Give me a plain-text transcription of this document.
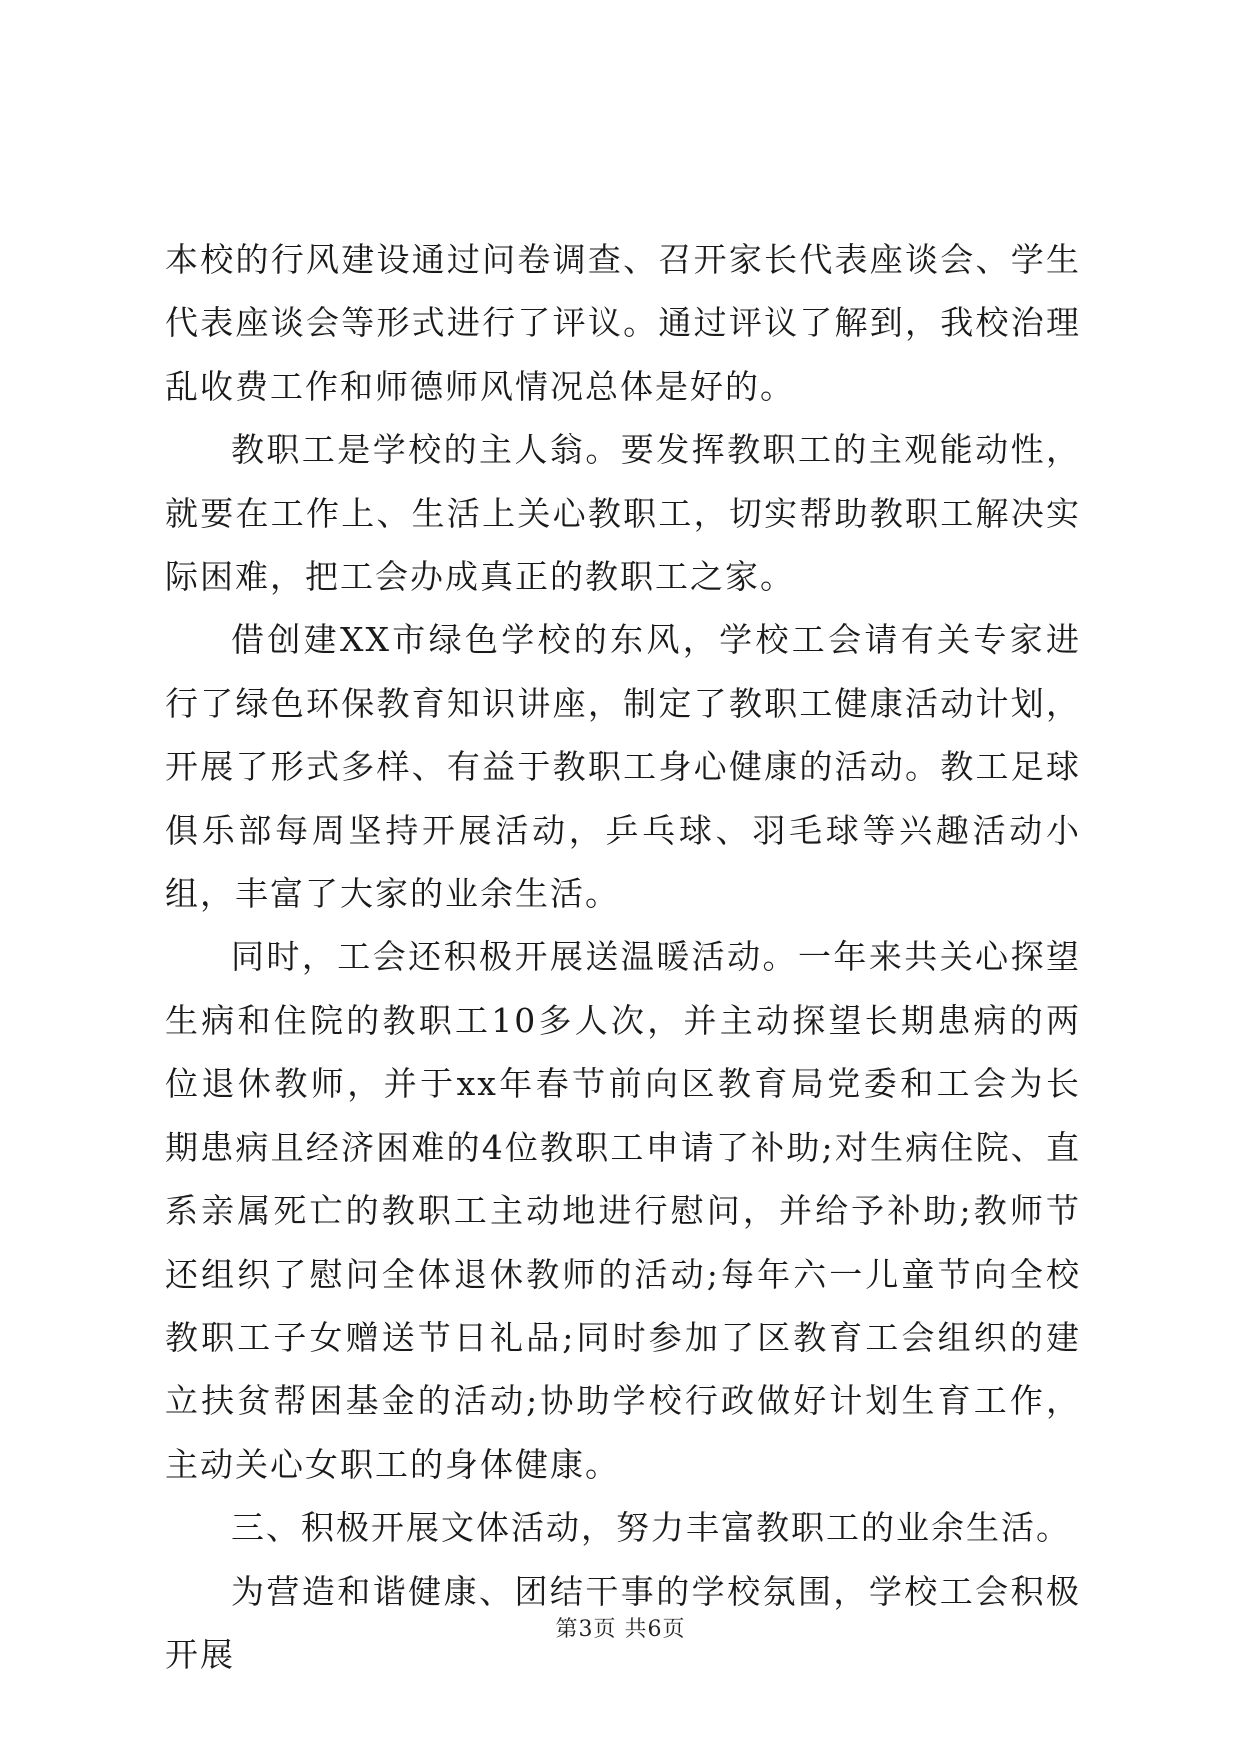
本校的行风建设通过问卷调查、召开家长代表座谈会、学生代表座谈会等形式进行了评议。通过评议了解到，我校治理乱收费工作和师德师风情况总体是好的。

教职工是学校的主人翁。要发挥教职工的主观能动性，就要在工作上、生活上关心教职工，切实帮助教职工解决实际困难，把工会办成真正的教职工之家。

借创建XX市绿色学校的东风，学校工会请有关专家进行了绿色环保教育知识讲座，制定了教职工健康活动计划，开展了形式多样、有益于教职工身心健康的活动。教工足球俱乐部每周坚持开展活动，乒乓球、羽毛球等兴趣活动小组，丰富了大家的业余生活。

同时，工会还积极开展送温暖活动。一年来共关心探望生病和住院的教职工10多人次，并主动探望长期患病的两位退休教师，并于xx年春节前向区教育局党委和工会为长期患病且经济困难的4位教职工申请了补助;对生病住院、直系亲属死亡的教职工主动地进行慰问，并给予补助;教师节还组织了慰问全体退休教师的活动;每年六一儿童节向全校教职工子女赠送节日礼品;同时参加了区教育工会组织的建立扶贫帮困基金的活动;协助学校行政做好计划生育工作，主动关心女职工的身体健康。

三、积极开展文体活动，努力丰富教职工的业余生活。

为营造和谐健康、团结干事的学校氛围，学校工会积极开展

第3页 共6页
